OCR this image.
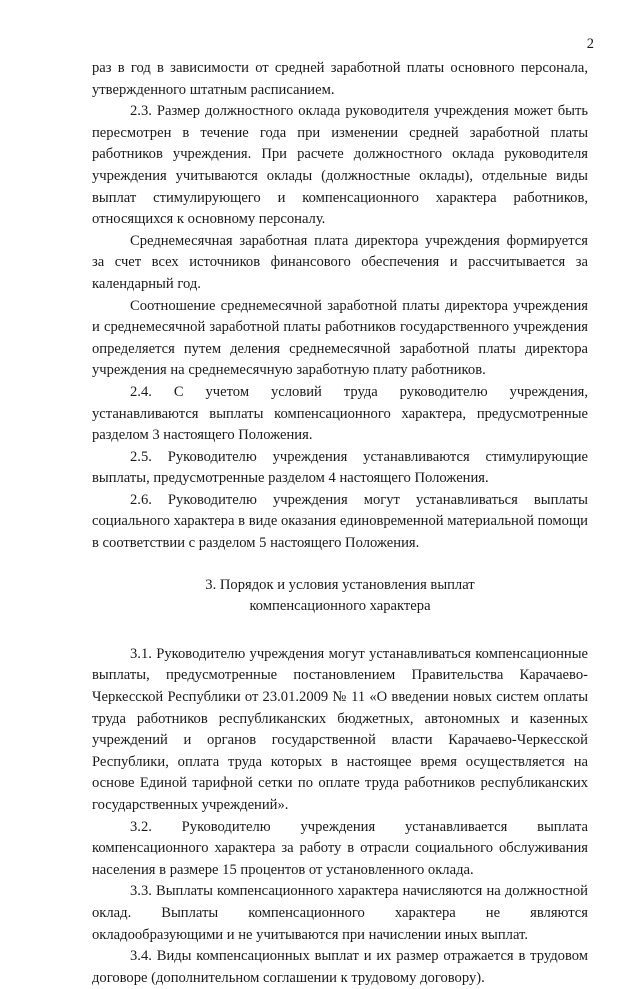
2

раз в год в зависимости от средней заработной платы основного персонала, утвержденного штатным расписанием.

2.3. Размер должностного оклада руководителя учреждения может быть пересмотрен в течение года при изменении средней заработной платы работников учреждения. При расчете должностного оклада руководителя учреждения учитываются оклады (должностные оклады), отдельные виды выплат стимулирующего и компенсационного характера работников, относящихся к основному персоналу.

Среднемесячная заработная плата директора учреждения формируется за счет всех источников финансового обеспечения и рассчитывается за календарный год.

Соотношение среднемесячной заработной платы директора учреждения и среднемесячной заработной платы работников государственного учреждения определяется путем деления среднемесячной заработной платы директора учреждения на среднемесячную заработную плату работников.

2.4. С учетом условий труда руководителю учреждения, устанавливаются выплаты компенсационного характера, предусмотренные разделом 3 настоящего Положения.

2.5. Руководителю учреждения устанавливаются стимулирующие выплаты, предусмотренные разделом 4 настоящего Положения.

2.6. Руководителю учреждения могут устанавливаться выплаты социального характера в виде оказания единовременной материальной помощи в соответствии с разделом 5 настоящего Положения.

3. Порядок и условия установления выплат
компенсационного характера

3.1. Руководителю учреждения могут устанавливаться компенсационные выплаты, предусмотренные постановлением Правительства Карачаево-Черкесской Республики от 23.01.2009 № 11 «О введении новых систем оплаты труда работников республиканских бюджетных, автономных и казенных учреждений и органов государственной власти Карачаево-Черкесской Республики, оплата труда которых в настоящее время осуществляется на основе Единой тарифной сетки по оплате труда работников республиканских государственных учреждений».

3.2. Руководителю учреждения устанавливается выплата компенсационного характера за работу в отрасли социального обслуживания населения в размере 15 процентов от установленного оклада.

3.3. Выплаты компенсационного характера начисляются на должностной оклад. Выплаты компенсационного характера не являются окладообразующими и не учитываются при начислении иных выплат.

3.4. Виды компенсационных выплат и их размер отражается в трудовом договоре (дополнительном соглашении к трудовому договору).
